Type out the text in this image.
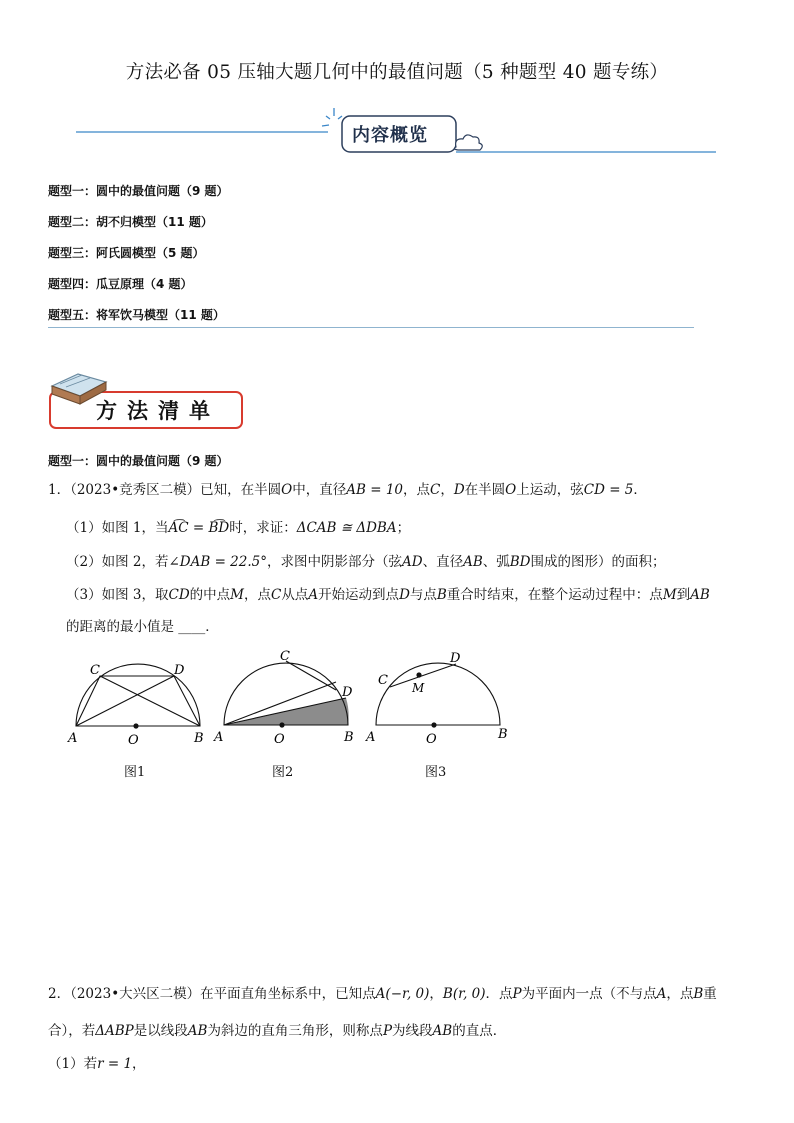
方法必备 05 压轴大题几何中的最值问题（5 种题型 40 题专练）
内容概览
题型一：圆中的最值问题（9 题）
题型二：胡不归模型（11 题）
题型三：阿氏圆模型（5 题）
题型四：瓜豆原理（4 题）
题型五：将军饮马模型（11 题）
方法清单
题型一：圆中的最值问题（9 题）
1．（2023•竞秀区二模）已知，在半圆O中，直径AB = 10，点C，D在半圆O上运动，弦CD = 5．
（1）如图 1，当A͡C = B͡D时，求证：ΔCAB ≅ ΔDBA；
（2）如图 2，若∠DAB = 22.5°，求图中阴影部分（弦AD、直径AB、弧BD围成的图形）的面积；
（3）如图 3，取CD的中点M，点C从点A开始运动到点D与点B重合时结束，在整个运动过程中：点M到AB
的距离的最小值是 ____．
C	D
A	O	B
图1
C
D
A	O	B
图2
C
D
M
A	O	B
图3
2．（2023•大兴区二模）在平面直角坐标系中，已知点A(−r, 0)，B(r, 0)．点P为平面内一点（不与点A，点B重
合），若ΔABP是以线段AB为斜边的直角三角形，则称点P为线段AB的直点．
（1）若r = 1，
